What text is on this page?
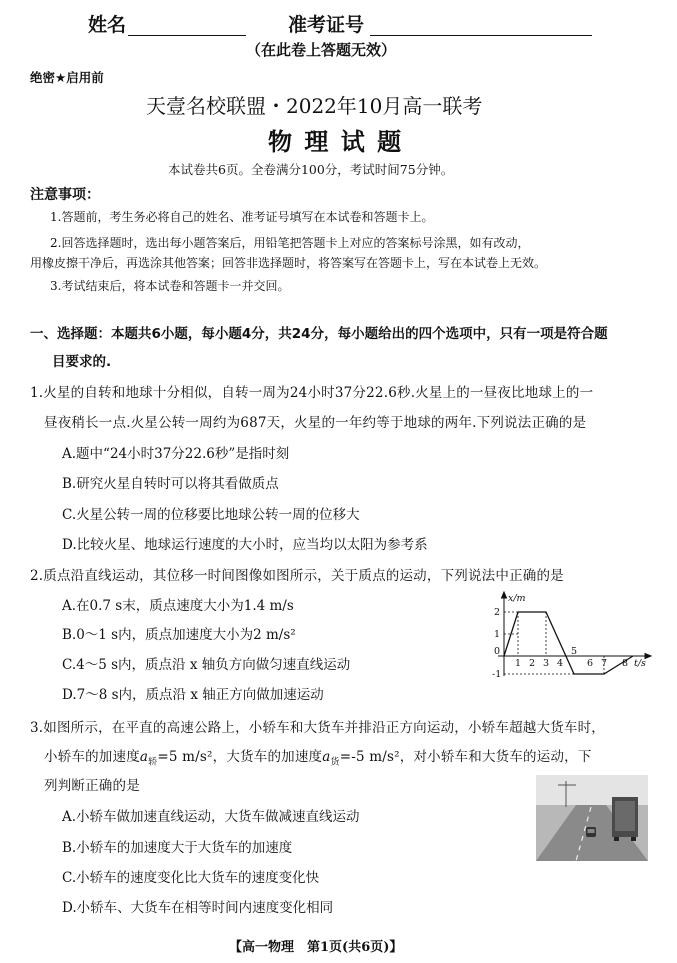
姓名	准考证号
（在此卷上答题无效）
绝密★启用前
天壹名校联盟・2022年10月高一联考
物 理 试 题
本试卷共6页。全卷满分100分，考试时间75分钟。
注意事项：
1.答题前，考生务必将自己的姓名、准考证号填写在本试卷和答题卡上。
2.回答选择题时，选出每小题答案后，用铅笔把答题卡上对应的答案标号涂黑，如有改动，
用橡皮擦干净后，再选涂其他答案；回答非选择题时，将答案写在答题卡上，写在本试卷上无效。
3.考试结束后，将本试卷和答题卡一并交回。
一、选择题：本题共6小题，每小题4分，共24分，每小题给出的四个选项中，只有一项是符合题
目要求的.
1.火星的自转和地球十分相似，自转一周为24小时37分22.6秒.火星上的一昼夜比地球上的一
昼夜稍长一点.火星公转一周约为687天，火星的一年约等于地球的两年.下列说法正确的是
A.题中“24小时37分22.6秒”是指时刻
B.研究火星自转时可以将其看做质点
C.火星公转一周的位移要比地球公转一周的位移大
D.比较火星、地球运行速度的大小时，应当均以太阳为参考系
2.质点沿直线运动，其位移一时间图像如图所示，关于质点的运动，下列说法中正确的是
A.在0.7 s末，质点速度大小为1.4 m/s
B.0～1 s内，质点加速度大小为2 m/s²
C.4～5 s内，质点沿 x 轴负方向做匀速直线运动
D.7～8 s内，质点沿 x 轴正方向做加速运动
x/m
2
1
0
-1
1 2 3 4
5
6 7 8 t/s
3.如图所示，在平直的高速公路上，小轿车和大货车并排沿正方向运动，小轿车超越大货车时，
小轿车的加速度$a_轿=5$ m/s²，大货车的加速度$a_货=-5$ m/s²，对小轿车和大货车的运动，下
列判断正确的是
A.小轿车做加速直线运动，大货车做减速直线运动
B.小轿车的加速度大于大货车的加速度
C.小轿车的速度变化比大货车的速度变化快
D.小轿车、大货车在相等时间内速度变化相同
【高一物理　第1页(共6页)】
